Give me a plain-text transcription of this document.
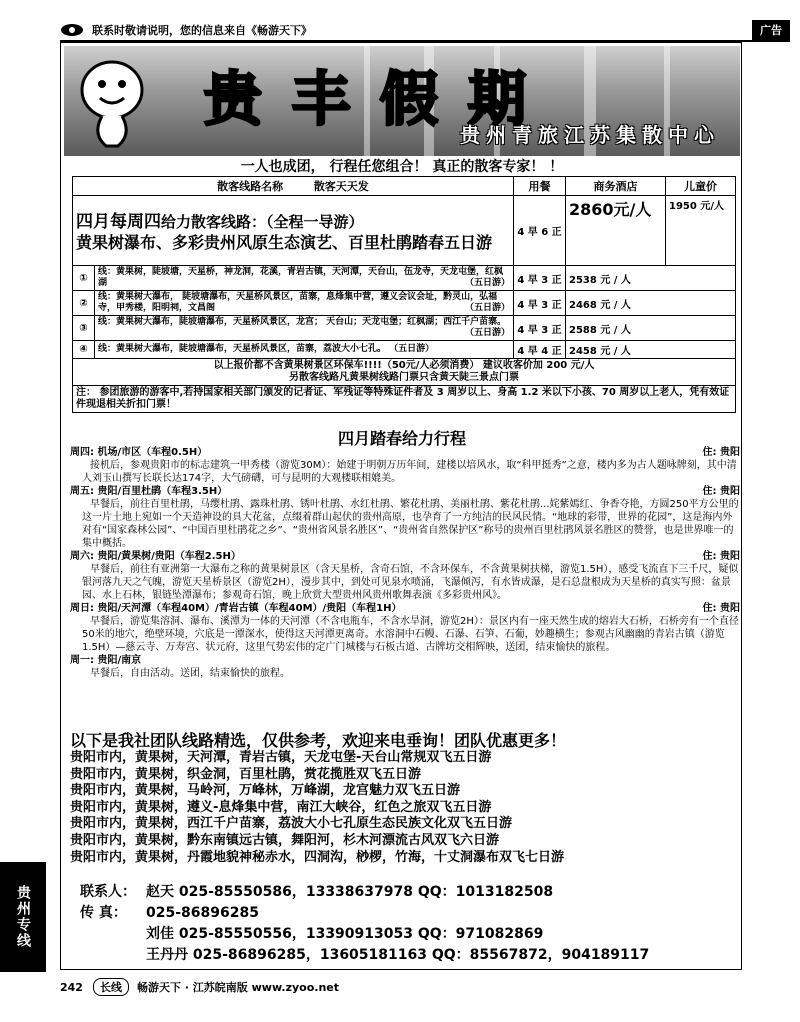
联系时敬请说明，您的信息来自《畅游天下》	广告
贵丰假期
贵州青旅江苏集散中心
一人也成团， 行程任您组合！ 真正的散客专家！ ！
散客线路名称 散客天天发		用餐	商务酒店	儿童价

四月每周四给力散客线路：（全程一导游）
黄果树瀑布、多彩贵州风原生态演艺、百里杜鹃踏春五日游		4 早 6 正	2860元/人	1950 元/人
①	线：黄果树，陡坡塘，天星桥，神龙洞，花溪，青岩古镇，天河潭，天台山，伍龙寺，天龙屯堡，红枫湖 （五日游）	4 早 3 正	2538 元 / 人	
②	线：黄果树大瀑布， 陡坡塘瀑布，天星桥风景区，苗寨，息烽集中营，遵义会议会址，黔灵山，弘福寺，甲秀楼，阳明祠，文昌阁 （五日游）	4 早 3 正	2468 元 / 人	
③	线：黄果树大瀑布，陡坡塘瀑布，天星桥风景区，龙宫； 天台山；天龙屯堡；红枫湖；西江千户苗寨。
（五日游）	4 早 3 正	2588 元 / 人	
④	线：黄果树大瀑布，陡坡塘瀑布，天星桥风景区，苗寨，荔波大小七孔。 （五日游）	4 早 4 正	2458 元 / 人	

以上报价都不含黄果树景区环保车!!!!（50元/人必须消费） 建议收客价加 200 元/人
另散客线路凡黄果树线路门票只含黄天陡三景点门票				

注： 参团旅游的游客中,若持国家相关部门颁发的记者证、军残证等特殊证件者及 3 周岁以上、身高 1.2 米以下小孩、70 周岁以上老人，凭有效证件现退相关折扣门票！				
四月踏春给力行程
周四: 机场/市区（车程0.5H）	住: 贵阳
接机后，参观贵阳市的标志建筑一甲秀楼（游览30M）：始建于明朝万历年间，建楼以培风水，取“科甲挺秀”之意，楼内多为古人题咏牌刻，其中清人刘玉山撰写长联长达174字，大气磅礴，可与昆明的大观楼联相媲美。
周五: 贵阳/百里杜鹃（车程3.5H）	住: 贵阳
早餐后，前往百里杜鹃，马缨杜鹃、露珠杜鹃、锈叶杜鹃、水红杜鹃、繁花杜鹃、美丽杜鹃、紫花杜鹃...姹紫嫣红、争香夺艳，方圆250平方公里的这一片土地上宛如一个天造神设的具大花盆，点缀着群山起伏的贵州高原，也孕育了一方纯洁的民风民情。“地球的彩带，世界的花园”，这是海内外对有“国家森林公园”、“中国百里杜鹃花之乡”、“贵州省风景名胜区”、“贵州省自然保护区”称号的贵州百里杜鹃风景名胜区的赞誉，也是世界唯一的集中概括。
周六: 贵阳/黄果树/贵阳（车程2.5H）	住: 贵阳
早餐后，前往有亚洲第一大瀑布之称的黄果树景区（含天星桥，含奇石馆，不含环保车，不含黄果树扶梯，游览1.5H），感受飞流直下三千尺，疑似银河落九天之气魄，游览天星桥景区（游览2H），漫步其中，到处可见泉水喷涌，飞瀑倾泻，有水皆成瀑，是石总盘根成为天星桥的真实写照：盆景园、水上石林，银链坠潭瀑布；参观奇石馆，晚上欣赏大型贵州风贵州歌舞表演《多彩贵州风》。
周日: 贵阳/天河潭（车程40M）/青岩古镇（车程40M）/贵阳（车程1H）	住: 贵阳
早餐后，游览集溶洞、瀑布、溪潭为一体的天河潭（不含电瓶车，不含水旱洞，游览2H）：景区内有一座天然生成的熔岩大石桥，石桥旁有一个直径50米的地穴，绝壁环境，穴底是一潭深水，使得这天河潭更离奇。水溶洞中石幔、石瀑、石笋、石葡，妙趣横生；参观古风幽幽的青岩古镇（游览1.5H）—慈云寺、万寿宫、状元府，这里气势宏伟的定广门城楼与石板古道、古牌坊交相辉映，送团，结束愉快的旅程。
周一: 贵阳/南京
早餐后，自由活动。送团，结束愉快的旅程。
以下是我社团队线路精选，仅供参考，欢迎来电垂询！团队优惠更多！
贵阳市内，黄果树，天河潭，青岩古镇，天龙屯堡-天台山常规双飞五日游
贵阳市内，黄果树，织金洞，百里杜鹃，赏花揽胜双飞五日游
贵阳市内，黄果树，马岭河，万峰林，万峰湖，龙宫魅力双飞五日游
贵阳市内，黄果树，遵义-息烽集中营，南江大峡谷，红色之旅双飞五日游
贵阳市内，黄果树，西江千户苗寨，荔波大小七孔原生态民族文化双飞五日游
贵阳市内，黄果树，黔东南镇远古镇，舞阳河，杉木河漂流古风双飞六日游
贵阳市内，黄果树，丹霞地貌神秘赤水，四洞沟，桫椤，竹海，十丈洞瀑布双飞七日游
联系人： 赵天 025-85550586，13338637978 QQ：1013182508
传 真：	025-86896285
刘佳 025-85550556，13390913053 QQ：971082869
王丹丹 025-86896285，13605181163 QQ：85567872，904189117
贵州专线
242	长线	畅游天下 · 江苏皖南版 www.zyoo.net
